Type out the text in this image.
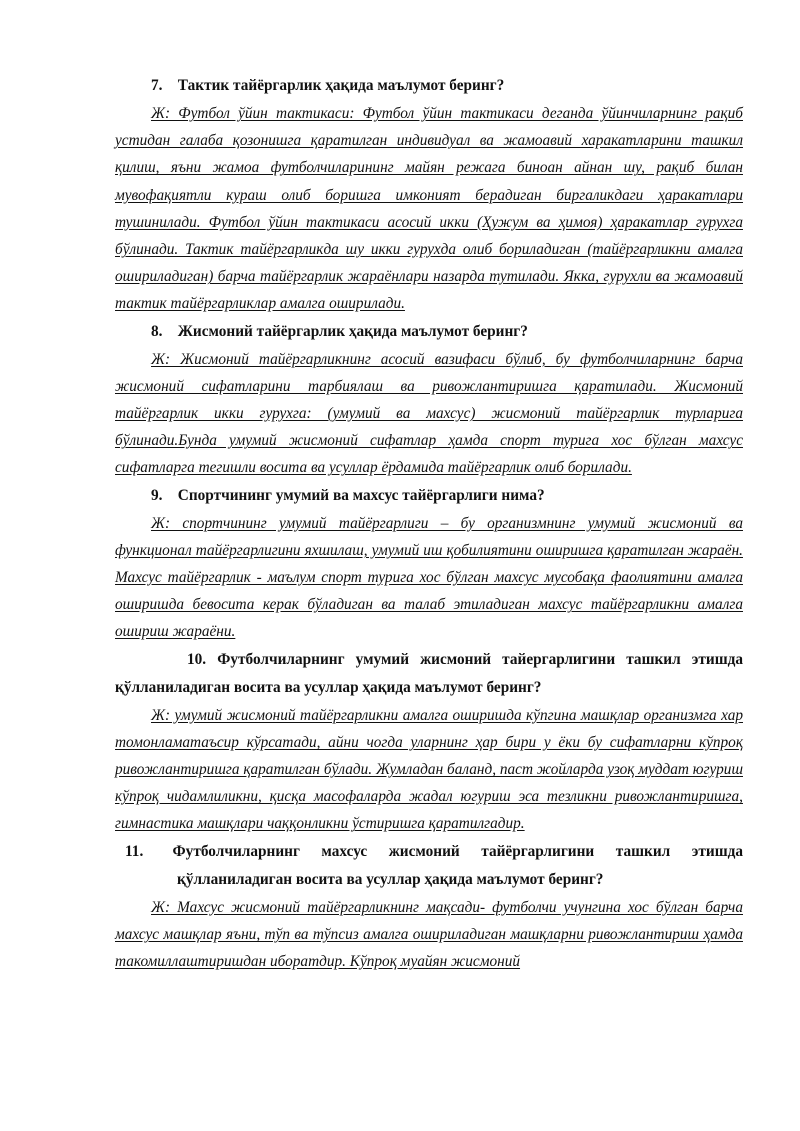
7. Тактик тайёргарлик ҳақида маълумот беринг?

Ж: Футбол ўйин тактикаси: Футбол ўйин тактикаси деганда ўйинчиларнинг рақиб устидан галаба қозонишга қаратилган индивидуал ва жамоавий харакатларини ташкил қилиш, яъни жамоа футболчиларининг майян режага биноан айнан шу, рақиб билан мувофақиятли кураш олиб боришга имконият берадиган биргаликдаги ҳаракатлари тушинилади. Футбол ўйин тактикаси асосий икки (Ҳужум ва ҳимоя) ҳаракатлар гурухга бўлинади. Тактик тайёргарликда шу икки гурухда олиб бориладиган (тайёргарликни амалга ошириладиган) барча тайёргарлик жараёнлари назарда тутилади. Якка, гурухли ва жамоавий тактик тайёргарликлар амалга оширилади.

8. Жисмоний тайёргарлик ҳақида маълумот беринг?

Ж: Жисмоний тайёргарликнинг асосий вазифаси бўлиб, бу футболчиларнинг барча жисмоний сифатларини тарбиялаш ва ривожлантиришга қаратилади. Жисмоний тайёргарлик икки гурухга: (умумий ва махсус) жисмоний тайёргарлик турларига бўлинади.Бунда умумий жисмоний сифатлар ҳамда спорт турига хос бўлган махсус сифатларга тегишли восита ва усуллар ёрдамида тайёргарлик олиб борилади.

9. Спортчининг умумий ва махсус тайёргарлиги нима?

Ж: спортчининг умумий тайёргарлиги – бу организмнинг умумий жисмоний ва функционал тайёргарлигини яхшилаш, умумий иш қобилиятини оширишга қаратилган жараён. Махсус тайёргарлик - маълум спорт турига хос бўлган махсус мусобақа фаолиятини амалга оширишда бевосита керак бўладиган ва талаб этиладиган махсус тайёргарликни амалга ошириш жараёни.

10. Футболчиларнинг умумий жисмоний тайергарлигини ташкил этишда қўлланиладиган восита ва усуллар ҳақида маълумот беринг?

Ж: умумий жисмоний тайёргарликни амалга оширишда кўпгина машқлар организмга хар томонламатаъсир кўрсатади, айни чогда уларнинг ҳар бири у ёки бу сифатларни кўпроқ ривожлантиришга қаратилган бўлади. Жумладан баланд, паст жойларда узоқ муддат югуриш кўпроқ чидамлиликни, қисқа масофаларда жадал югуриш эса тезликни ривожлантиришга, гимнастика машқлари чаққонликни ўстиришга қаратилгадир.

11. Футболчиларнинг махсус жисмоний тайёргарлигини ташкил этишда қўлланиладиган восита ва усуллар ҳақида маълумот беринг?

Ж: Махсус жисмоний тайёргарликнинг мақсади- футболчи учунгина хос бўлган барча махсус машқлар яъни, тўп ва тўпсиз амалга ошириладиган машқларни ривожлантириш ҳамда такомиллаштиришдан иборатдир. Кўпроқ муайян жисмоний
